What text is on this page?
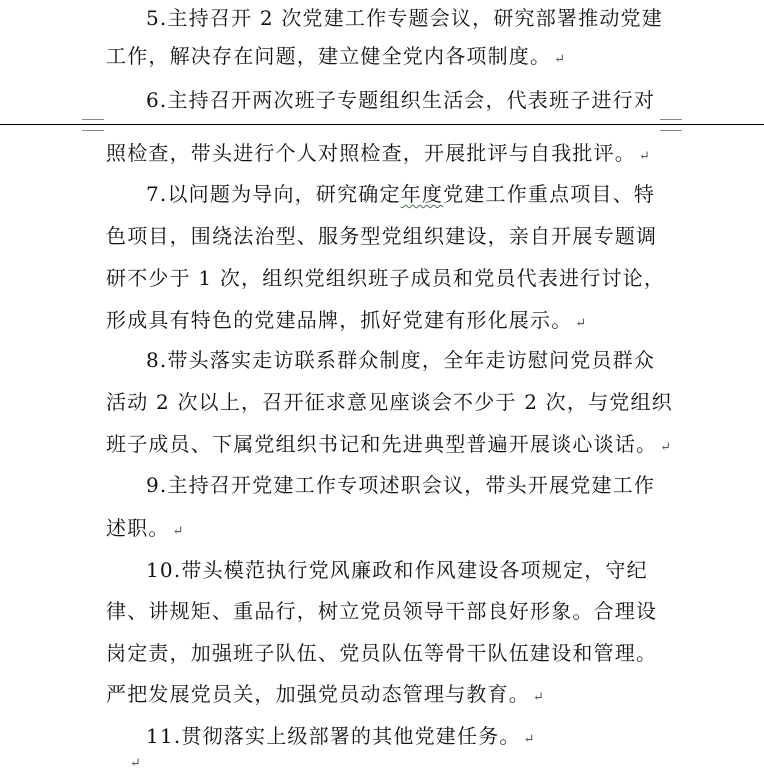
5.主持召开 2 次党建工作专题会议，研究部署推动党建
工作，解决存在问题，建立健全党内各项制度。 ↵
6.主持召开两次班子专题组织生活会，代表班子进行对
照检查，带头进行个人对照检查，开展批评与自我批评。 ↵
7.以问题为导向，研究确定年度党建工作重点项目、特
色项目，围绕法治型、服务型党组织建设，亲自开展专题调
研不少于 1 次，组织党组织班子成员和党员代表进行讨论，
形成具有特色的党建品牌，抓好党建有形化展示。 ↵
8.带头落实走访联系群众制度，全年走访慰问党员群众
活动 2 次以上，召开征求意见座谈会不少于 2 次，与党组织
班子成员、下属党组织书记和先进典型普遍开展谈心谈话。 ↵
9.主持召开党建工作专项述职会议，带头开展党建工作
述职。 ↵
10.带头模范执行党风廉政和作风建设各项规定，守纪
律、讲规矩、重品行，树立党员领导干部良好形象。合理设
岗定责，加强班子队伍、党员队伍等骨干队伍建设和管理。
严把发展党员关，加强党员动态管理与教育。 ↵
11.贯彻落实上级部署的其他党建任务。 ↵
↵
